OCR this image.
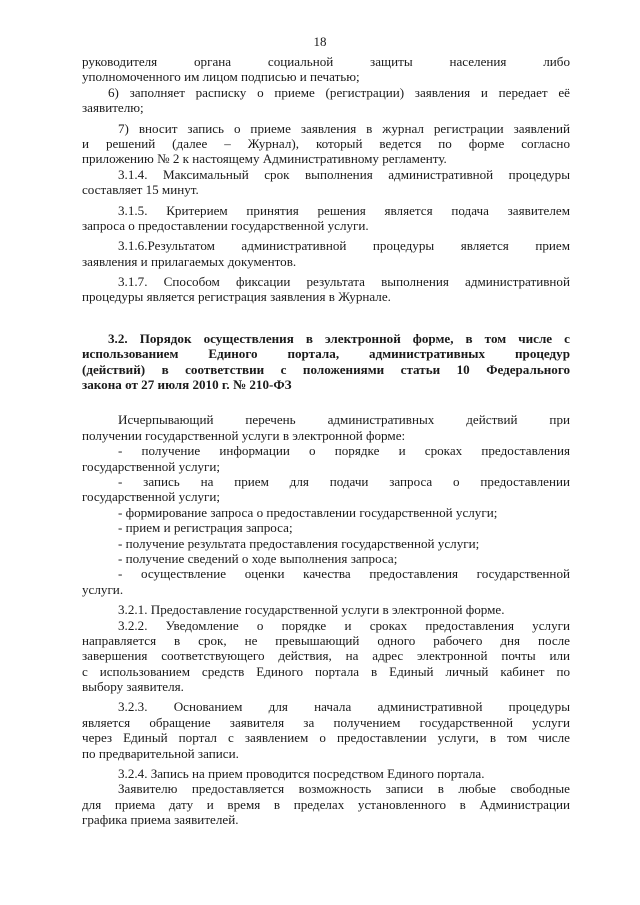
18
руководителя органа социальной защиты населения либо
уполномоченного им лицом подписью и печатью;
6) заполняет расписку о приеме (регистрации) заявления и передает её
заявителю;
7) вносит запись о приеме заявления в журнал регистрации заявлений
и решений (далее – Журнал), который ведется по форме согласно
приложению № 2 к настоящему Административному регламенту.
3.1.4. Максимальный срок выполнения административной процедуры
составляет 15 минут.
3.1.5. Критерием принятия решения является подача заявителем
запроса о предоставлении государственной услуги.
3.1.6.Результатом административной процедуры является прием
заявления и прилагаемых документов.
3.1.7. Способом фиксации результата выполнения административной
процедуры является регистрация заявления в Журнале.
3.2. Порядок осуществления в электронной форме, в том числе с
использованием Единого портала, административных процедур
(действий) в соответствии с положениями статьи 10 Федерального
закона от 27 июля 2010 г. № 210-ФЗ
Исчерпывающий перечень административных действий при
получении государственной услуги в электронной форме:
- получение информации о порядке и сроках предоставления
государственной услуги;
- запись на прием для подачи запроса о предоставлении
государственной услуги;
- формирование запроса о предоставлении государственной услуги;
- прием и регистрация запроса;
- получение результата предоставления государственной услуги;
- получение сведений о ходе выполнения запроса;
- осуществление оценки качества предоставления государственной
услуги.
3.2.1. Предоставление государственной услуги в электронной форме.
3.2.2. Уведомление о порядке и сроках предоставления услуги
направляется в срок, не превышающий одного рабочего дня после
завершения соответствующего действия, на адрес электронной почты или
с использованием средств Единого портала в Единый личный кабинет по
выбору заявителя.
3.2.3. Основанием для начала административной процедуры
является обращение заявителя за получением государственной услуги
через Единый портал с заявлением о предоставлении услуги, в том числе
по предварительной записи.
3.2.4. Запись на прием проводится посредством Единого портала.
Заявителю предоставляется возможность записи в любые свободные
для приема дату и время в пределах установленного в Администрации
графика приема заявителей.
